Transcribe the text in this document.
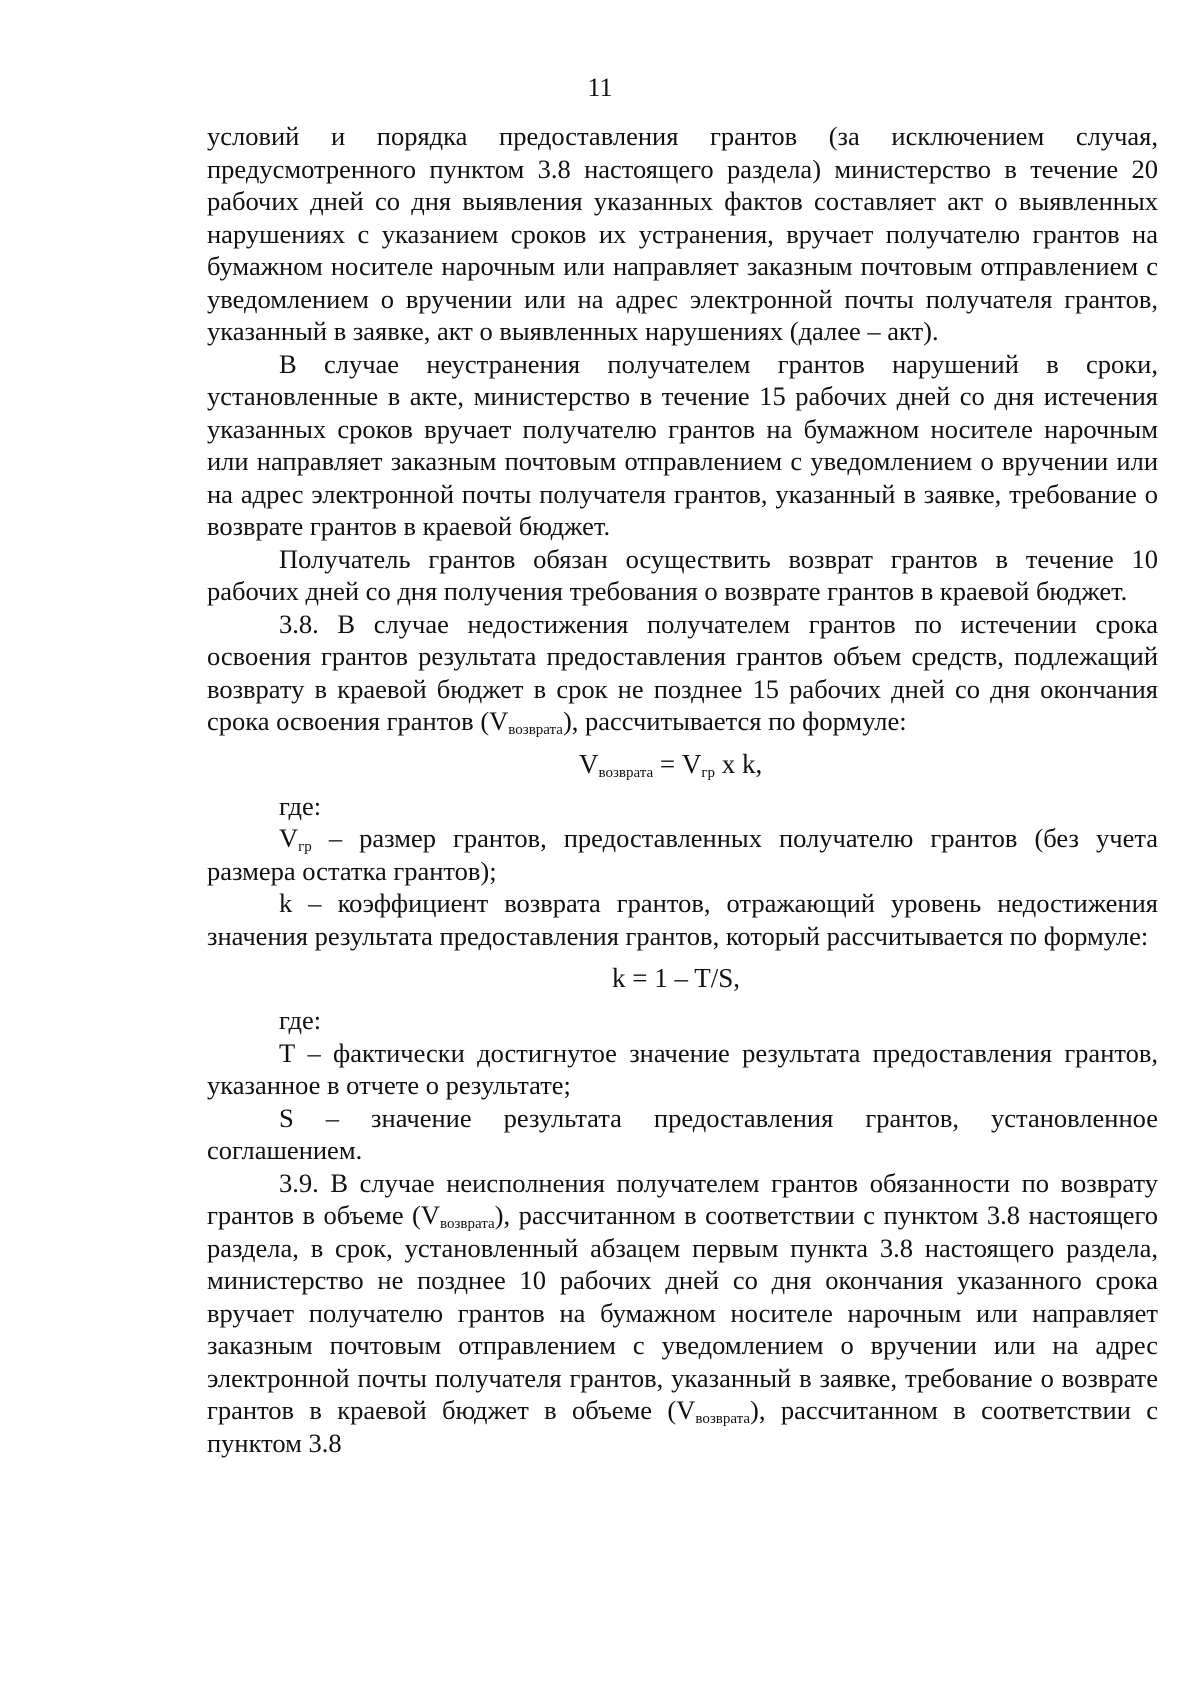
11

условий и порядка предоставления грантов (за исключением случая, предусмотренного пунктом 3.8 настоящего раздела) министерство в течение 20 рабочих дней со дня выявления указанных фактов составляет акт о выявленных нарушениях с указанием сроков их устранения, вручает получателю грантов на бумажном носителе нарочным или направляет заказным почтовым отправлением с уведомлением о вручении или на адрес электронной почты получателя грантов, указанный в заявке, акт о выявленных нарушениях (далее – акт).

В случае неустранения получателем грантов нарушений в сроки, установленные в акте, министерство в течение 15 рабочих дней со дня истечения указанных сроков вручает получателю грантов на бумажном носителе нарочным или направляет заказным почтовым отправлением с уведомлением о вручении или на адрес электронной почты получателя грантов, указанный в заявке, требование о возврате грантов в краевой бюджет.

Получатель грантов обязан осуществить возврат грантов в течение 10 рабочих дней со дня получения требования о возврате грантов в краевой бюджет.

3.8. В случае недостижения получателем грантов по истечении срока освоения грантов результата предоставления грантов объем средств, подлежащий возврату в краевой бюджет в срок не позднее 15 рабочих дней со дня окончания срока освоения грантов $(V_{возврата})$, рассчитывается по формуле:

$V_{возврата} = V_{гр}$ x k,

где:

$V_{гр}$ – размер грантов, предоставленных получателю грантов (без учета размера остатка грантов);

k – коэффициент возврата грантов, отражающий уровень недостижения значения результата предоставления грантов, который рассчитывается по формуле:

k = 1 – T/S,

где:

Т – фактически достигнутое значение результата предоставления грантов, указанное в отчете о результате;

S – значение результата предоставления грантов, установленное соглашением.

3.9. В случае неисполнения получателем грантов обязанности по возврату грантов в объеме $(V_{возврата})$, рассчитанном в соответствии с пунктом 3.8 настоящего раздела, в срок, установленный абзацем первым пункта 3.8 настоящего раздела, министерство не позднее 10 рабочих дней со дня окончания указанного срока вручает получателю грантов на бумажном носителе нарочным или направляет заказным почтовым отправлением с уведомлением о вручении или на адрес электронной почты получателя грантов, указанный в заявке, требование о возврате грантов в краевой бюджет в объеме $(V_{возврата})$, рассчитанном в соответствии с пунктом 3.8
